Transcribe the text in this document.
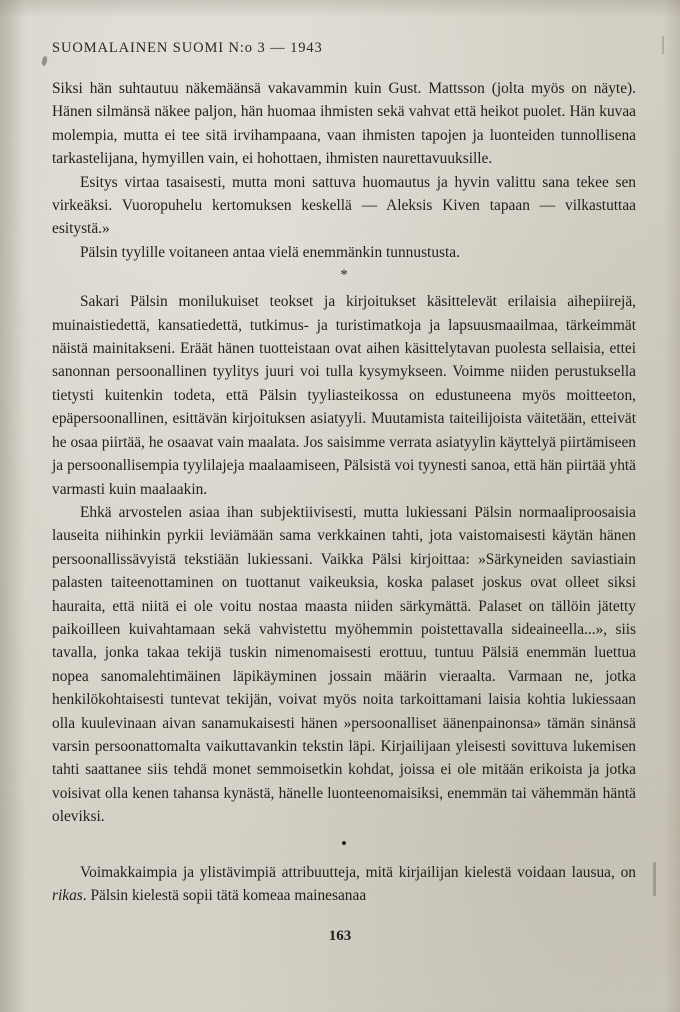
SUOMALAINEN SUOMI N:o 3 — 1943

Siksi hän suhtautuu näkemäänsä vakavammin kuin Gust. Mattsson (jolta myös on näyte). Hänen silmänsä näkee paljon, hän huomaa ihmisten sekä vahvat että heikot puolet. Hän kuvaa molempia, mutta ei tee sitä irvihampaana, vaan ihmisten tapojen ja luonteiden tunnollisena tarkastelijana, hymyillen vain, ei hohottaen, ihmisten naurettavuuksille.

Esitys virtaa tasaisesti, mutta moni sattuva huomautus ja hyvin valittu sana tekee sen virkeäksi. Vuoropuhelu kertomuksen keskellä — Aleksis Kiven tapaan — vilkastuttaa esitystä.»

Pälsin tyylille voitaneen antaa vielä enemmänkin tunnustusta.

*

Sakari Pälsin monilukuiset teokset ja kirjoitukset käsittelevät erilaisia aihepiirejä, muinaistiedettä, kansatiedettä, tutkimus- ja turistimatkoja ja lapsuusmaailmaa, tärkeimmät näistä mainitakseni. Eräät hänen tuotteistaan ovat aihen käsittelytavan puolesta sellaisia, ettei sanonnan persoonallinen tyylitys juuri voi tulla kysymykseen. Voimme niiden perustuksella tietysti kuitenkin todeta, että Pälsin tyyliasteikossa on edustuneena myös moitteeton, epäpersoonallinen, esittävän kirjoituksen asiatyyli. Muutamista taiteilijoista väitetään, etteivät he osaa piirtää, he osaavat vain maalata. Jos saisimme verrata asiatyylin käyttelyä piirtämiseen ja persoonallisempia tyylilajeja maalaamiseen, Pälsistä voi tyynesti sanoa, että hän piirtää yhtä varmasti kuin maalaakin.

Ehkä arvostelen asiaa ihan subjektiivisesti, mutta lukiessani Pälsin normaaliproosaisia lauseita niihinkin pyrkii leviämään sama verkkainen tahti, jota vaistomaisesti käytän hänen persoonallissävyistä tekstiään lukiessani. Vaikka Pälsi kirjoittaa: »Särkyneiden saviastiain palasten taiteenottaminen on tuottanut vaikeuksia, koska palaset joskus ovat olleet siksi hauraita, että niitä ei ole voitu nostaa maasta niiden särkymättä. Palaset on tällöin jätetty paikoilleen kuivahtamaan sekä vahvistettu myöhemmin poistettavalla sideaineella...», siis tavalla, jonka takaa tekijä tuskin nimenomaisesti erottuu, tuntuu Pälsiä enemmän luettua nopea sanomalehtimäinen läpikäyminen jossain määrin vieraalta. Varmaan ne, jotka henkilökohtaisesti tuntevat tekijän, voivat myös noita tarkoittamani laisia kohtia lukiessaan olla kuulevinaan aivan sanamukaisesti hänen »persoonalliset äänenpainonsa» tämän sinänsä varsin persoonattomalta vaikuttavankin tekstin läpi. Kirjailijaan yleisesti sovittuva lukemisen tahti saattanee siis tehdä monet semmoisetkin kohdat, joissa ei ole mitään erikoista ja jotka voisivat olla kenen tahansa kynästä, hänelle luonteenomaisiksi, enemmän tai vähemmän häntä oleviksi.

•

Voimakkaimpia ja ylistävimpiä attribuutteja, mitä kirjailijan kielestä voidaan lausua, on rikas. Pälsin kielestä sopii tätä komeaa mainesanaa

163
